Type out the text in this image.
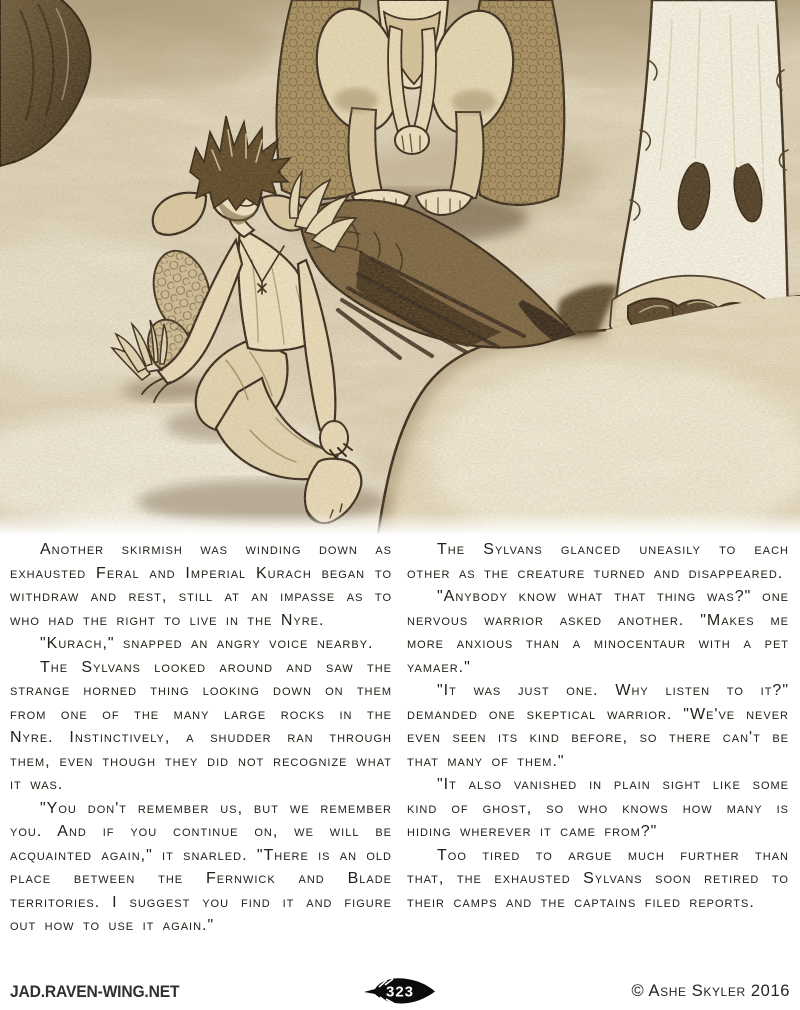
Another skirmish was winding down as exhausted Feral and Imperial Kurach began to withdraw and rest, still at an impasse as to who had the right to live in the Nyre.

"Kurach," snapped an angry voice nearby.

The Sylvans looked around and saw the strange horned thing looking down on them from one of the many large rocks in the Nyre. Instinctively, a shudder ran through them, even though they did not recognize what it was.

"You don't remember us, but we remember you. And if you continue on, we will be acquainted again," it snarled. "There is an old place between the Fernwick and Blade territories. I suggest you find it and figure out how to use it again."

The Sylvans glanced uneasily to each other as the creature turned and disappeared.

"Anybody know what that thing was?" one nervous warrior asked another. "Makes me more anxious than a minocentaur with a pet yamaer."

"It was just one. Why listen to it?" demanded one skeptical warrior. "We've never even seen its kind before, so there can't be that many of them."

"It also vanished in plain sight like some kind of ghost, so who knows how many is hiding wherever it came from?"

Too tired to argue much further than that, the exhausted Sylvans soon retired to their camps and the captains filed reports.

JAD.RAVEN-WING.NET	323	© Ashe Skyler 2016
